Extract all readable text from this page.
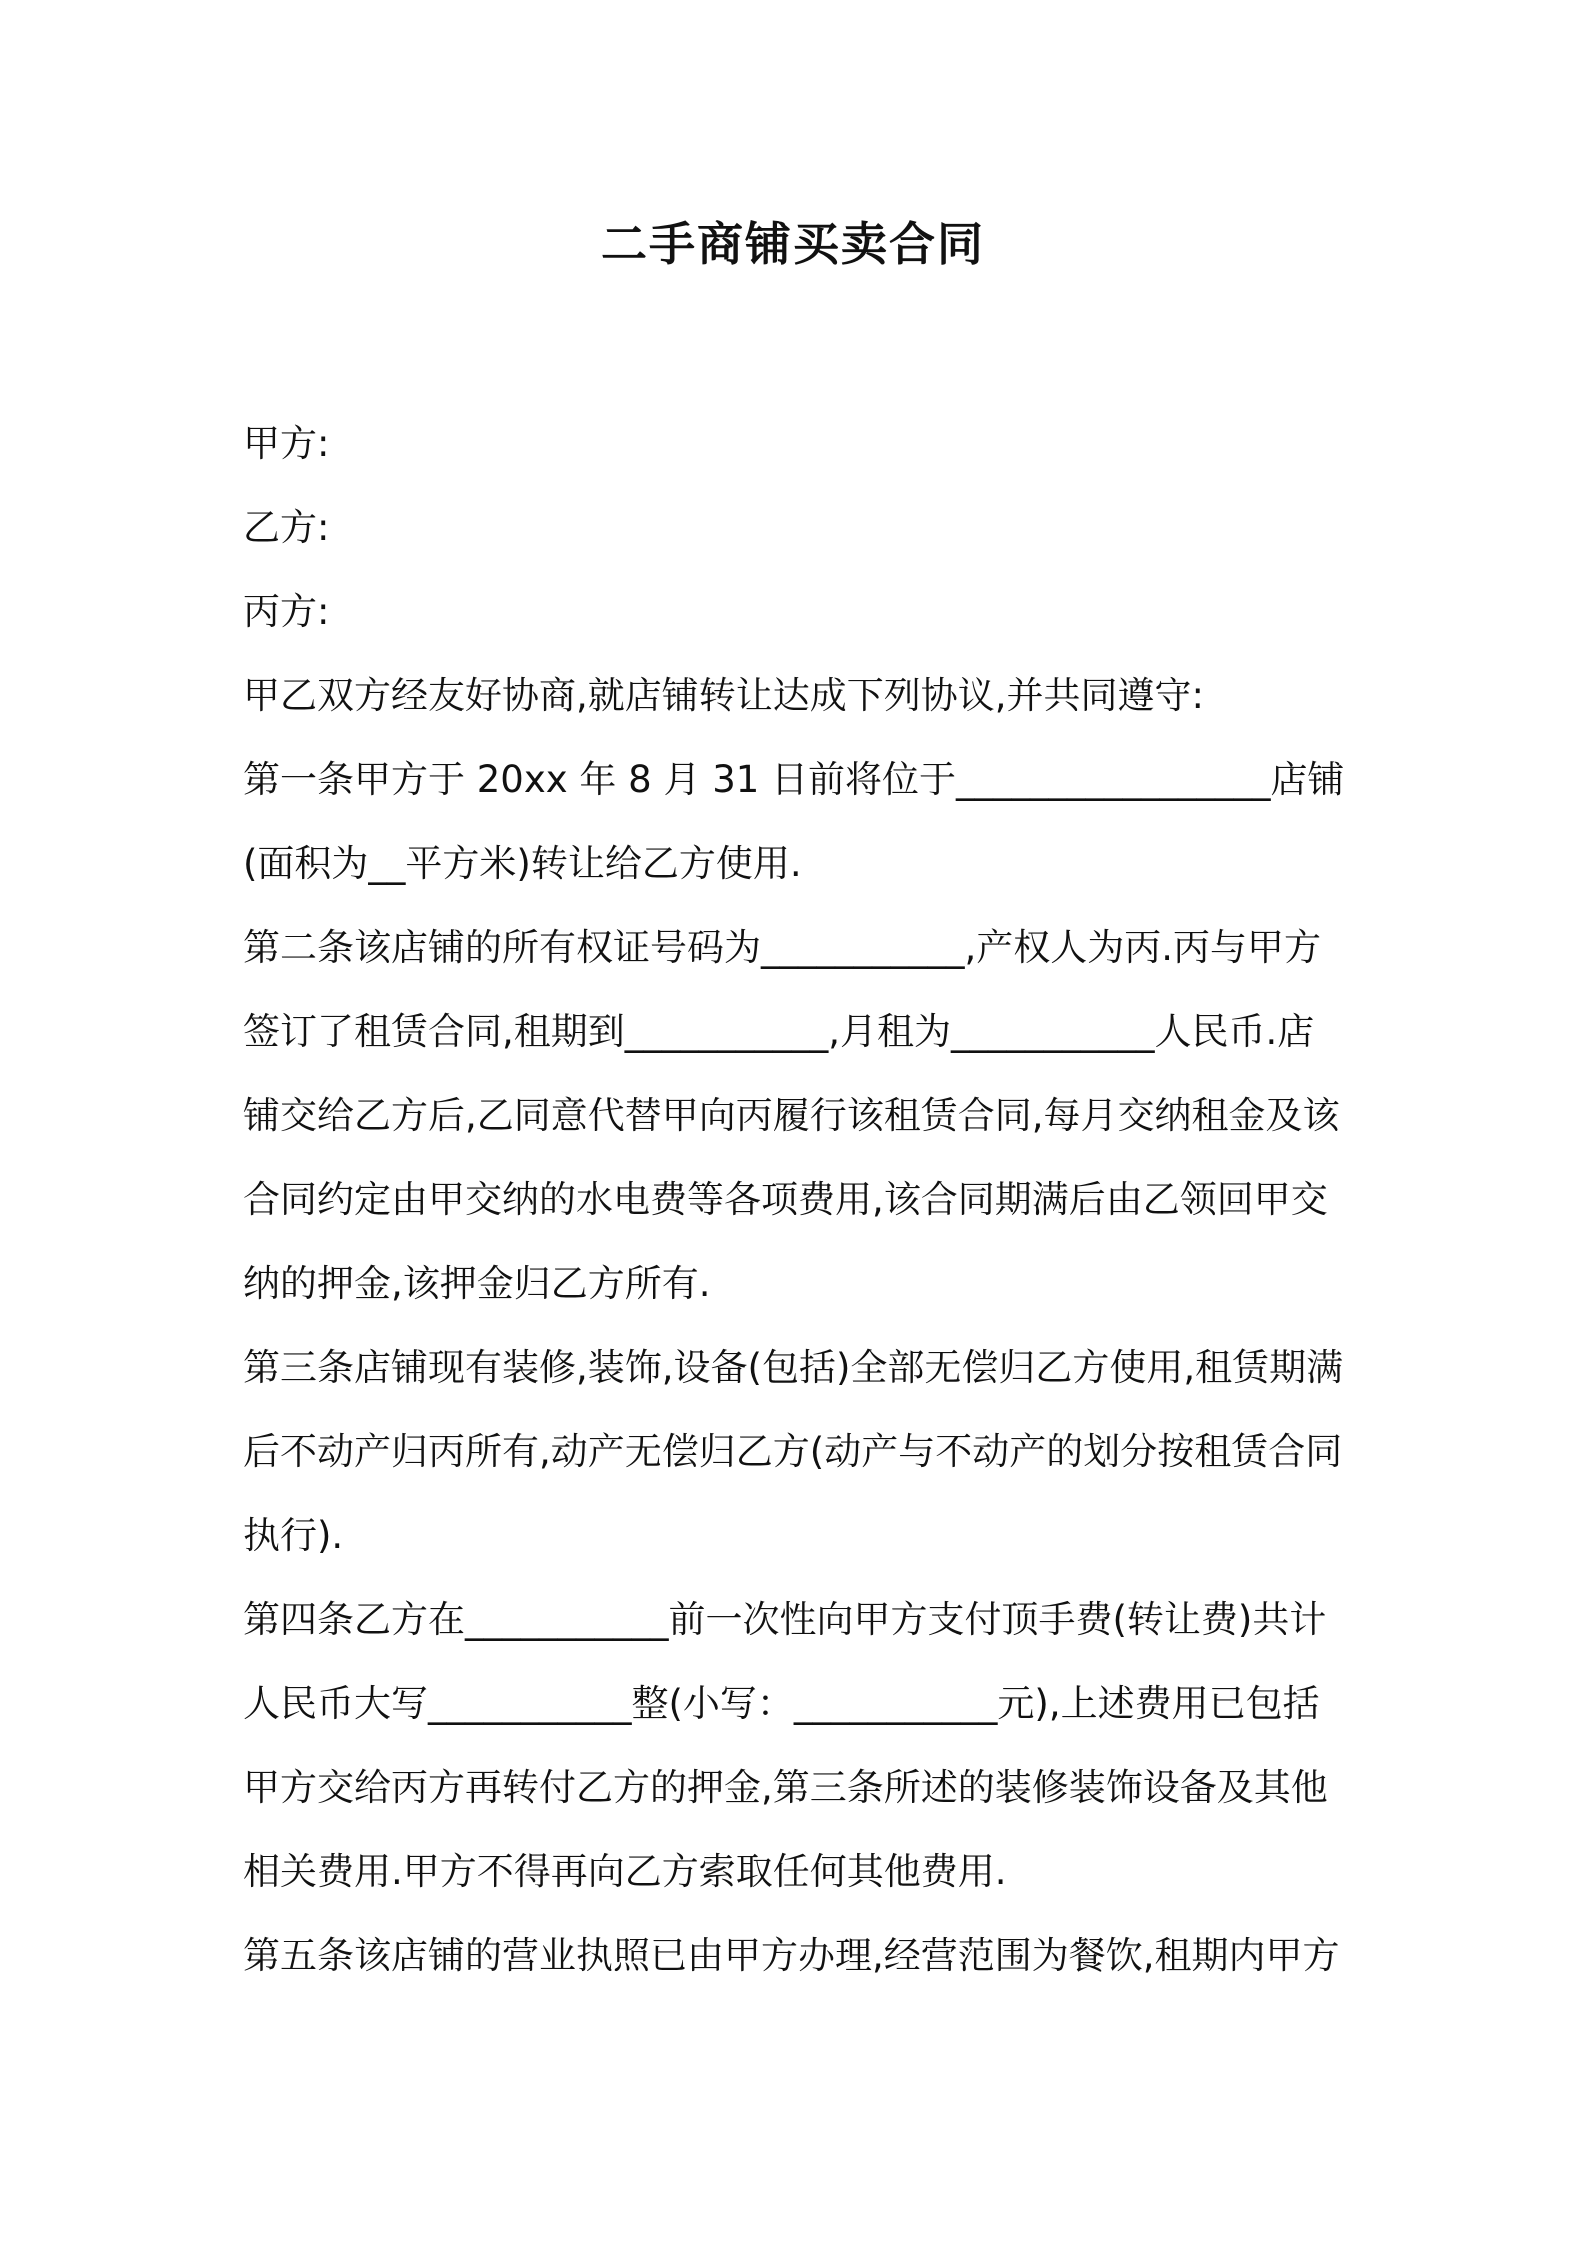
二手商铺买卖合同
甲方:
乙方:
丙方:
甲乙双方经友好协商,就店铺转让达成下列协议,并共同遵守:
第一条甲方于 20xx 年 8 月 31 日前将位于_________________店铺
(面积为__平方米)转让给乙方使用.
第二条该店铺的所有权证号码为___________,产权人为丙.丙与甲方
签订了租赁合同,租期到___________,月租为___________人民币.店
铺交给乙方后,乙同意代替甲向丙履行该租赁合同,每月交纳租金及该
合同约定由甲交纳的水电费等各项费用,该合同期满后由乙领回甲交
纳的押金,该押金归乙方所有.
第三条店铺现有装修,装饰,设备(包括)全部无偿归乙方使用,租赁期满
后不动产归丙所有,动产无偿归乙方(动产与不动产的划分按租赁合同
执行).
第四条乙方在___________前一次性向甲方支付顶手费(转让费)共计
人民币大写___________整(小写：___________元),上述费用已包括
甲方交给丙方再转付乙方的押金,第三条所述的装修装饰设备及其他
相关费用.甲方不得再向乙方索取任何其他费用.
第五条该店铺的营业执照已由甲方办理,经营范围为餐饮,租期内甲方
